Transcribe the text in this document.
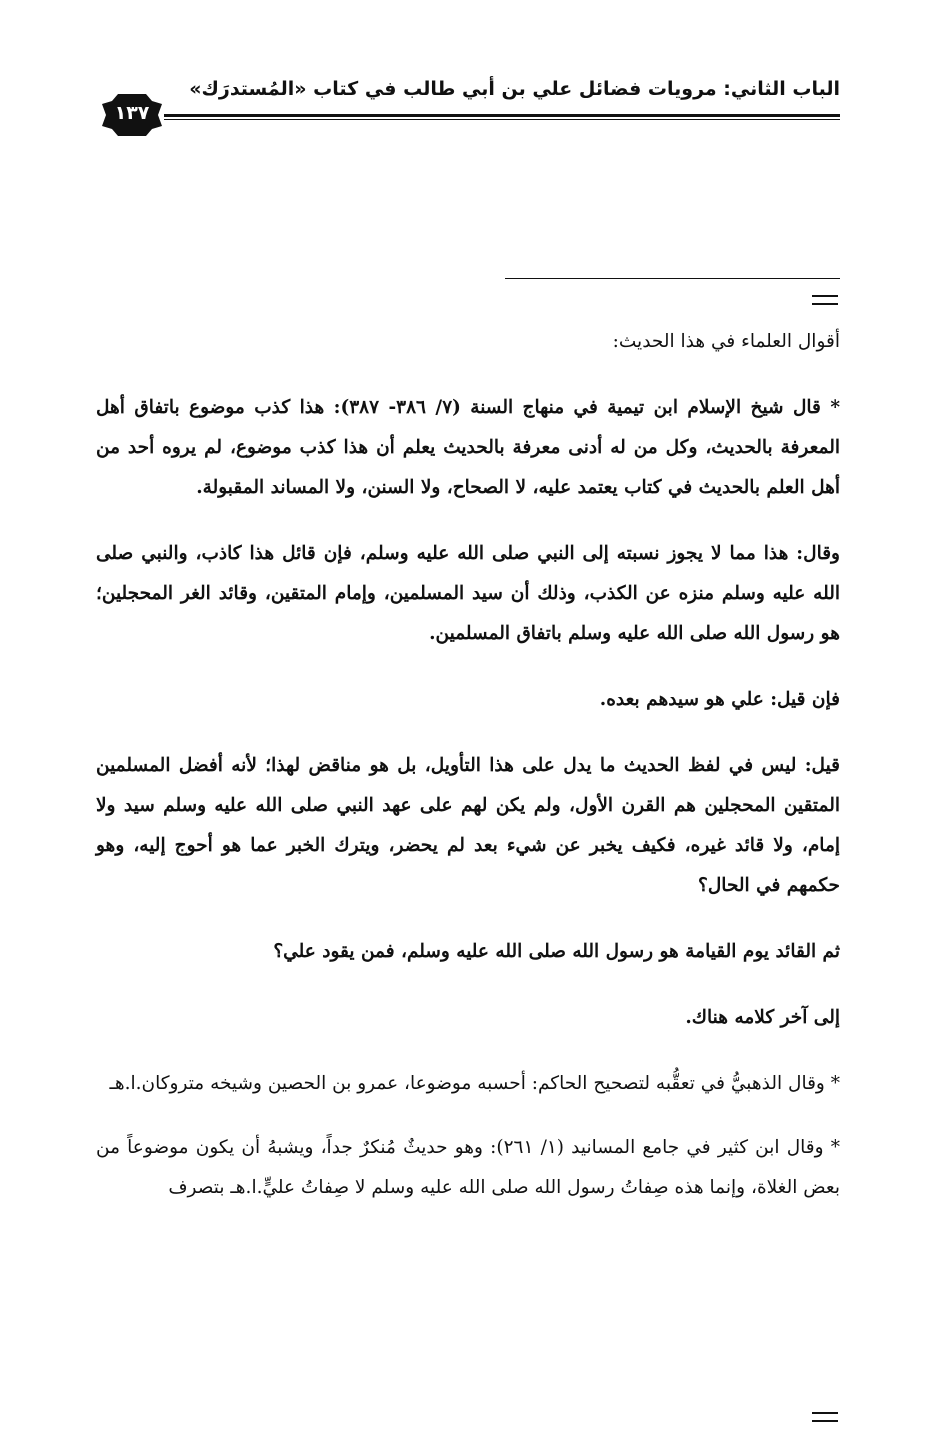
الباب الثاني: مرويات فضائل علي بن أبي طالب في كتاب «المُستدرَك»
١٣٧

أقوال العلماء في هذا الحديث:

* قال شيخ الإسلام ابن تيمية في منهاج السنة (٧/ ٣٨٦- ٣٨٧): هذا كذب موضوع باتفاق أهل المعرفة بالحديث، وكل من له أدنى معرفة بالحديث يعلم أن هذا كذب موضوع، لم يروه أحد من أهل العلم بالحديث في كتاب يعتمد عليه، لا الصحاح، ولا السنن، ولا المساند المقبولة.

وقال: هذا مما لا يجوز نسبته إلى النبي صلى الله عليه وسلم، فإن قائل هذا كاذب، والنبي صلى الله عليه وسلم منزه عن الكذب، وذلك أن سيد المسلمين، وإمام المتقين، وقائد الغر المحجلين؛ هو رسول الله صلى الله عليه وسلم باتفاق المسلمين.

فإن قيل: علي هو سيدهم بعده.

قيل: ليس في لفظ الحديث ما يدل على هذا التأويل، بل هو مناقض لهذا؛ لأنه أفضل المسلمين المتقين المحجلين هم القرن الأول، ولم يكن لهم على عهد النبي صلى الله عليه وسلم سيد ولا إمام، ولا قائد غيره، فكيف يخبر عن شيء بعد لم يحضر، ويترك الخبر عما هو أحوج إليه، وهو حكمهم في الحال؟

ثم القائد يوم القيامة هو رسول الله صلى الله عليه وسلم، فمن يقود علي؟

إلى آخر كلامه هناك.

* وقال الذهبيُّ في تعقُّبه لتصحيح الحاكم: أحسبه موضوعا، عمرو بن الحصين وشيخه متروكان.ا.هـ

* وقال ابن كثير في جامع المسانيد (١/ ٢٦١): وهو حديثٌ مُنكرٌ جداً، ويشبهُ أن يكون موضوعاً من بعض الغلاة، وإنما هذه صِفاتُ رسول الله صلى الله عليه وسلم لا صِفاتُ عليٍّ.ا.هـ بتصرف
